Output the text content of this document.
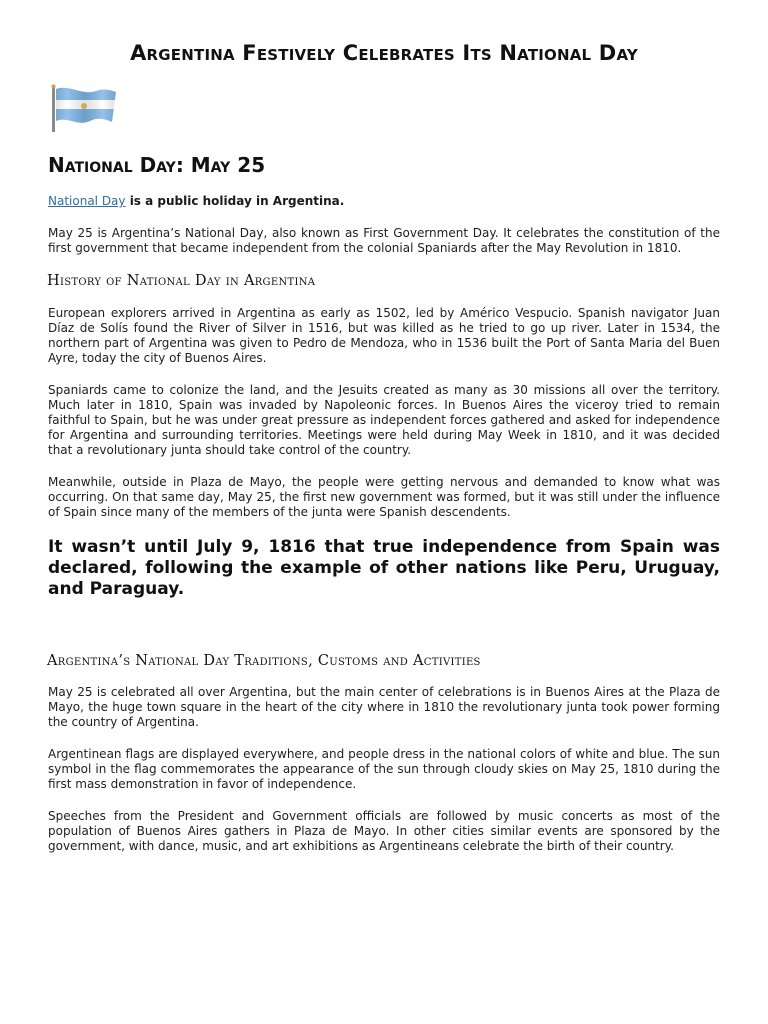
Argentina Festively Celebrates Its National Day
National Day: May 25

National Day is a public holiday in Argentina.

May 25 is Argentina’s National Day, also known as First Government Day. It celebrates the constitution of the first government that became independent from the colonial Spaniards after the May Revolution in 1810.

History of National Day in Argentina

European explorers arrived in Argentina as early as 1502, led by Américo Vespucio. Spanish navigator Juan Díaz de Solís found the River of Silver in 1516, but was killed as he tried to go up river. Later in 1534, the northern part of Argentina was given to Pedro de Mendoza, who in 1536 built the Port of Santa Maria del Buen Ayre, today the city of Buenos Aires.

Spaniards came to colonize the land, and the Jesuits created as many as 30 missions all over the territory. Much later in 1810, Spain was invaded by Napoleonic forces. In Buenos Aires the viceroy tried to remain faithful to Spain, but he was under great pressure as independent forces gathered and asked for independence for Argentina and surrounding territories. Meetings were held during May Week in 1810, and it was decided that a revolutionary junta should take control of the country.

Meanwhile, outside in Plaza de Mayo, the people were getting nervous and demanded to know what was occurring. On that same day, May 25, the first new government was formed, but it was still under the influence of Spain since many of the members of the junta were Spanish descendents.

It wasn’t until July 9, 1816 that true independence from Spain was declared, following the example of other nations like Peru, Uruguay, and Paraguay.

Argentina’s National Day Traditions, Customs and Activities

May 25 is celebrated all over Argentina, but the main center of celebrations is in Buenos Aires at the Plaza de Mayo, the huge town square in the heart of the city where in 1810 the revolutionary junta took power forming the country of Argentina.

Argentinean flags are displayed everywhere, and people dress in the national colors of white and blue. The sun symbol in the flag commemorates the appearance of the sun through cloudy skies on May 25, 1810 during the first mass demonstration in favor of independence.

Speeches from the President and Government officials are followed by music concerts as most of the population of Buenos Aires gathers in Plaza de Mayo. In other cities similar events are sponsored by the government, with dance, music, and art exhibitions as Argentineans celebrate the birth of their country.
